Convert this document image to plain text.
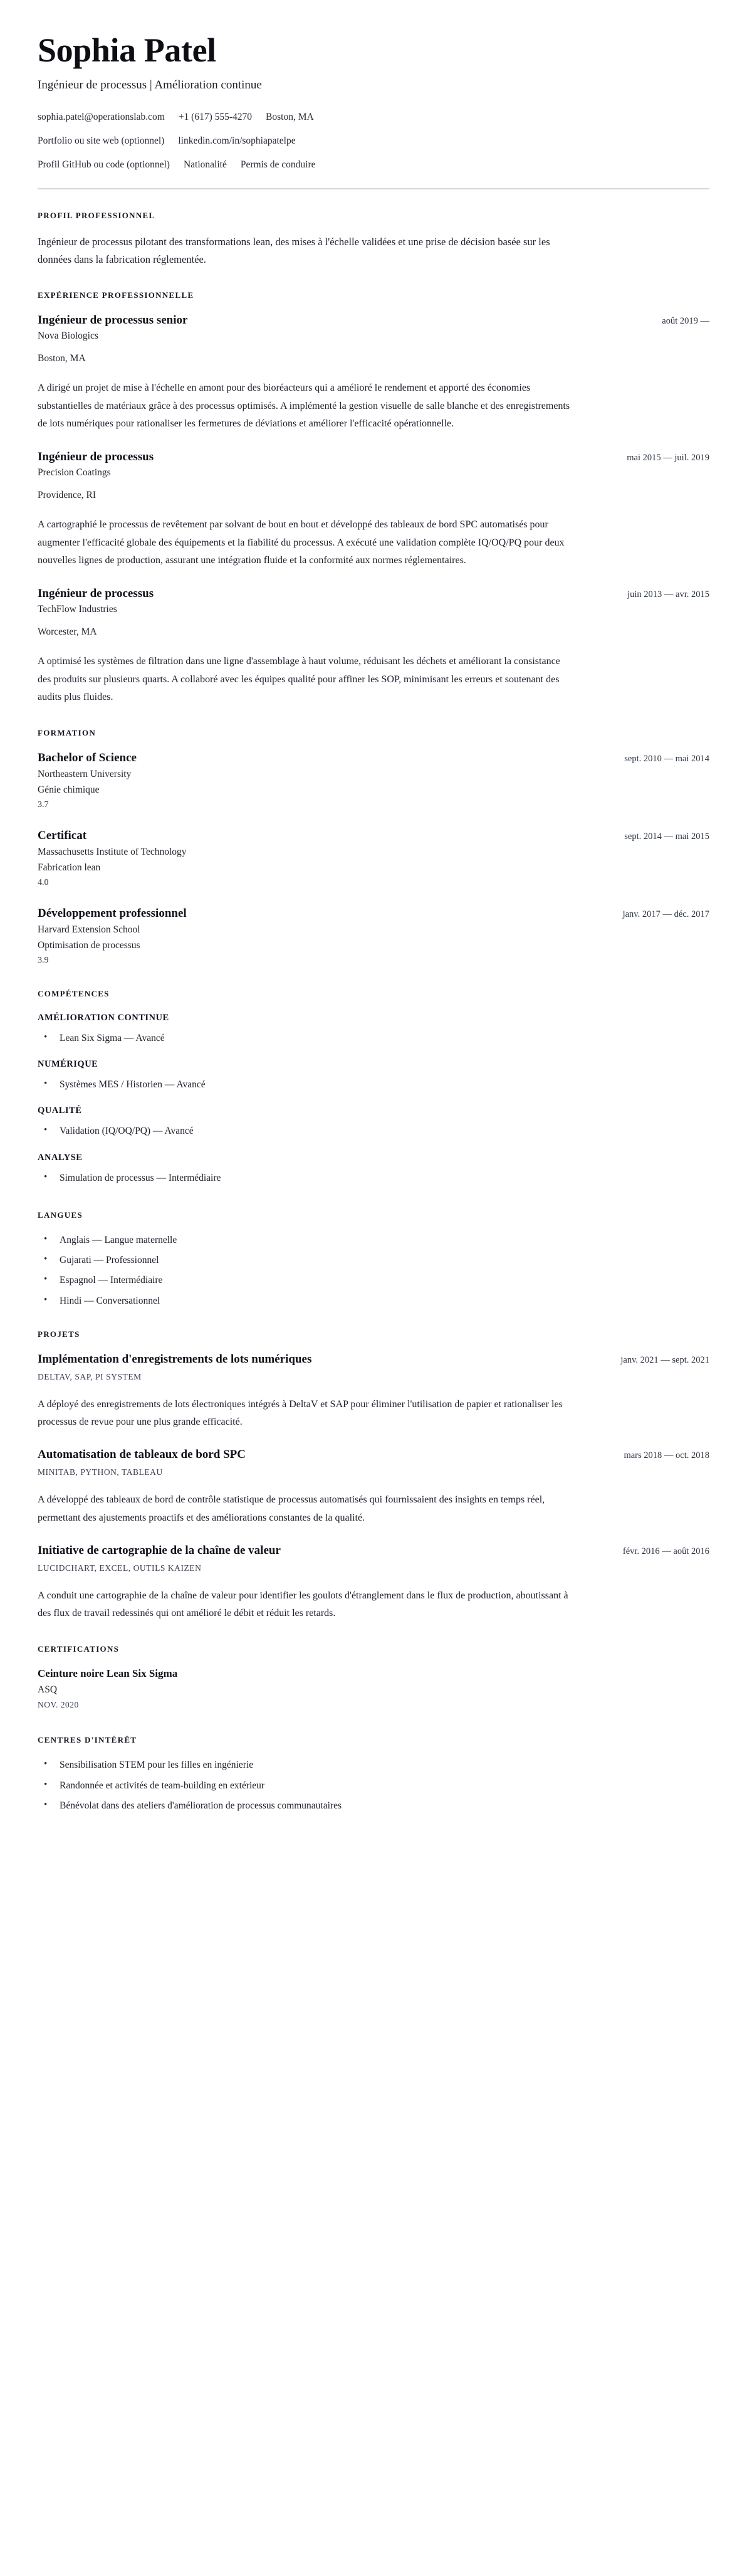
Sophia Patel

Ingénieur de processus | Amélioration continue

sophia.patel@operationslab.com +1 (617) 555-4270 Boston, MA
Portfolio ou site web (optionnel) linkedin.com/in/sophiapatelpe
Profil GitHub ou code (optionnel) Nationalité Permis de conduire
PROFIL PROFESSIONNEL

Ingénieur de processus pilotant des transformations lean, des mises à l'échelle validées et une prise de décision basée sur les données dans la fabrication réglementée.

EXPÉRIENCE PROFESSIONNELLE
Ingénieur de processus senior	août 2019 —

Nova Biologics

Boston, MA

A dirigé un projet de mise à l'échelle en amont pour des bioréacteurs qui a amélioré le rendement et apporté des économies substantielles de matériaux grâce à des processus optimisés. A implémenté la gestion visuelle de salle blanche et des enregistrements de lots numériques pour rationaliser les fermetures de déviations et améliorer l'efficacité opérationnelle.

Ingénieur de processus	mai 2015 — juil. 2019

Precision Coatings

Providence, RI

A cartographié le processus de revêtement par solvant de bout en bout et développé des tableaux de bord SPC automatisés pour augmenter l'efficacité globale des équipements et la fiabilité du processus. A exécuté une validation complète IQ/OQ/PQ pour deux nouvelles lignes de production, assurant une intégration fluide et la conformité aux normes réglementaires.

Ingénieur de processus	juin 2013 — avr. 2015

TechFlow Industries

Worcester, MA

A optimisé les systèmes de filtration dans une ligne d'assemblage à haut volume, réduisant les déchets et améliorant la consistance des produits sur plusieurs quarts. A collaboré avec les équipes qualité pour affiner les SOP, minimisant les erreurs et soutenant des audits plus fluides.

FORMATION
Bachelor of Science	sept. 2010 — mai 2014

Northeastern University

Génie chimique

3.7

Certificat	sept. 2014 — mai 2015

Massachusetts Institute of Technology

Fabrication lean

4.0

Développement professionnel	janv. 2017 — déc. 2017

Harvard Extension School

Optimisation de processus

3.9

COMPÉTENCES
AMÉLIORATION CONTINUE
• Lean Six Sigma — Avancé
NUMÉRIQUE
• Systèmes MES / Historien — Avancé
QUALITÉ
• Validation (IQ/OQ/PQ) — Avancé
ANALYSE
• Simulation de processus — Intermédiaire
LANGUES
• Anglais — Langue maternelle
• Gujarati — Professionnel
• Espagnol — Intermédiaire
• Hindi — Conversationnel
PROJETS
Implémentation d'enregistrements de lots numériques	janv. 2021 — sept. 2021

DELTAV, SAP, PI SYSTEM

A déployé des enregistrements de lots électroniques intégrés à DeltaV et SAP pour éliminer l'utilisation de papier et rationaliser les processus de revue pour une plus grande efficacité.

Automatisation de tableaux de bord SPC	mars 2018 — oct. 2018

MINITAB, PYTHON, TABLEAU

A développé des tableaux de bord de contrôle statistique de processus automatisés qui fournissaient des insights en temps réel, permettant des ajustements proactifs et des améliorations constantes de la qualité.

Initiative de cartographie de la chaîne de valeur	févr. 2016 — août 2016

LUCIDCHART, EXCEL, OUTILS KAIZEN

A conduit une cartographie de la chaîne de valeur pour identifier les goulots d'étranglement dans le flux de production, aboutissant à des flux de travail redessinés qui ont amélioré le débit et réduit les retards.

CERTIFICATIONS
Ceinture noire Lean Six Sigma

ASQ

NOV. 2020

CENTRES D'INTÉRÊT
• Sensibilisation STEM pour les filles en ingénierie
• Randonnée et activités de team-building en extérieur
• Bénévolat dans des ateliers d'amélioration de processus communautaires
